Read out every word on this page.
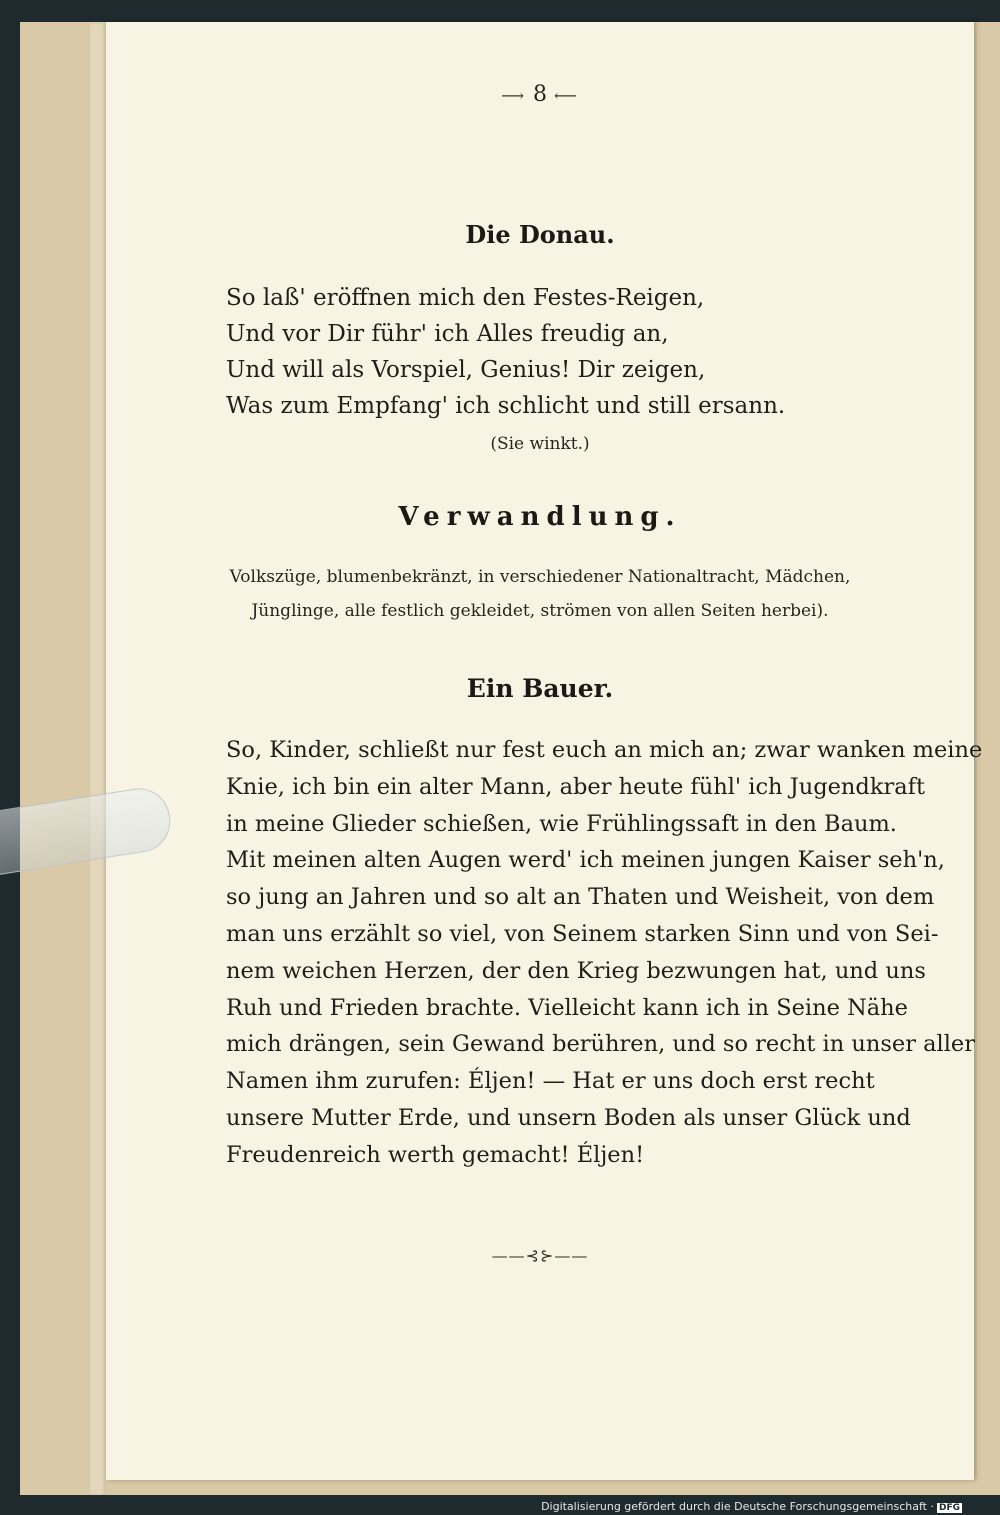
⟶ 8 ⟵
Die Donau.
So laß' eröffnen mich den Festes-Reigen,
Und vor Dir führ' ich Alles freudig an,
Und will als Vorspiel, Genius! Dir zeigen,
Was zum Empfang' ich schlicht und still ersann.
(Sie winkt.)
Verwandlung.
Volkszüge, blumenbekränzt, in verschiedener Nationaltracht, Mädchen,
Jünglinge, alle festlich gekleidet, strömen von allen Seiten herbei).
Ein Bauer.
So, Kinder, schließt nur fest euch an mich an; zwar wanken meine
Knie, ich bin ein alter Mann, aber heute fühl' ich Jugendkraft
in meine Glieder schießen, wie Frühlingssaft in den Baum.
Mit meinen alten Augen werd' ich meinen jungen Kaiser seh'n,
so jung an Jahren und so alt an Thaten und Weisheit, von dem
man uns erzählt so viel, von Seinem starken Sinn und von Sei-
nem weichen Herzen, der den Krieg bezwungen hat, und uns
Ruh und Frieden brachte. Vielleicht kann ich in Seine Nähe
mich drängen, sein Gewand berühren, und so recht in unser aller
Namen ihm zurufen: Éljen! — Hat er uns doch erst recht
unsere Mutter Erde, und unsern Boden als unser Glück und
Freudenreich werth gemacht! Éljen!
——⊰⊱——
Digitalisierung gefördert durch die Deutsche Forschungsgemeinschaft · DFG
